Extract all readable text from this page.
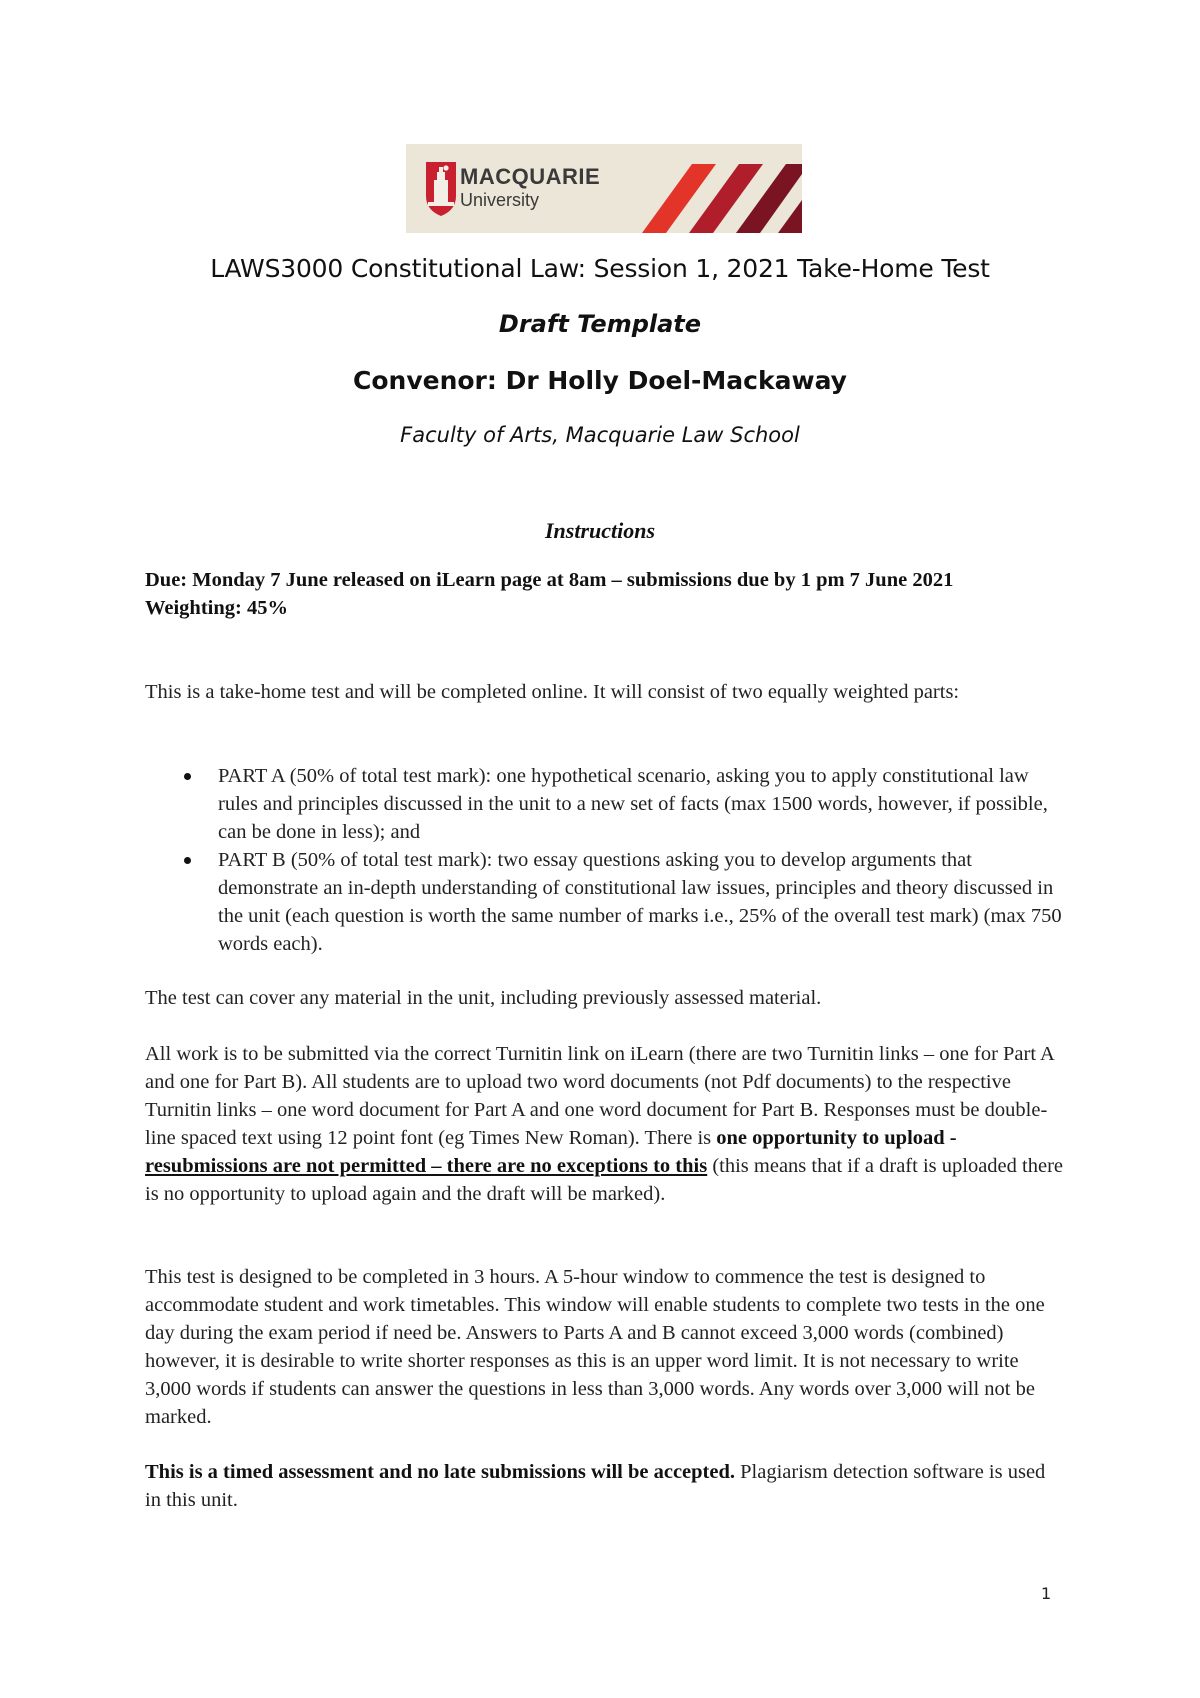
MACQUARIE
University
LAWS3000 Constitutional Law: Session 1, 2021 Take-Home Test
Draft Template
Convenor: Dr Holly Doel-Mackaway
Faculty of Arts, Macquarie Law School
Instructions

Due: Monday 7 June released on iLearn page at 8am – submissions due by 1 pm 7 June 2021

Weighting: 45%

This is a take-home test and will be completed online. It will consist of two equally weighted parts:

PART A (50% of total test mark): one hypothetical scenario, asking you to apply constitutional law rules and principles discussed in the unit to a new set of facts (max 1500 words, however, if possible, can be done in less); and
PART B (50% of total test mark): two essay questions asking you to develop arguments that demonstrate an in-depth understanding of constitutional law issues, principles and theory discussed in the unit (each question is worth the same number of marks i.e., 25% of the overall test mark) (max 750 words each).

The test can cover any material in the unit, including previously assessed material.

All work is to be submitted via the correct Turnitin link on iLearn (there are two Turnitin links – one for Part A and one for Part B). All students are to upload two word documents (not Pdf documents) to the respective Turnitin links – one word document for Part A and one word document for Part B. Responses must be double-line spaced text using 12 point font (eg Times New Roman). There is one opportunity to upload - resubmissions are not permitted – there are no exceptions to this (this means that if a draft is uploaded there is no opportunity to upload again and the draft will be marked).

This test is designed to be completed in 3 hours. A 5-hour window to commence the test is designed to accommodate student and work timetables. This window will enable students to complete two tests in the one day during the exam period if need be. Answers to Parts A and B cannot exceed 3,000 words (combined) however, it is desirable to write shorter responses as this is an upper word limit. It is not necessary to write 3,000 words if students can answer the questions in less than 3,000 words. Any words over 3,000 will not be marked.

This is a timed assessment and no late submissions will be accepted. Plagiarism detection software is used in this unit.

1
